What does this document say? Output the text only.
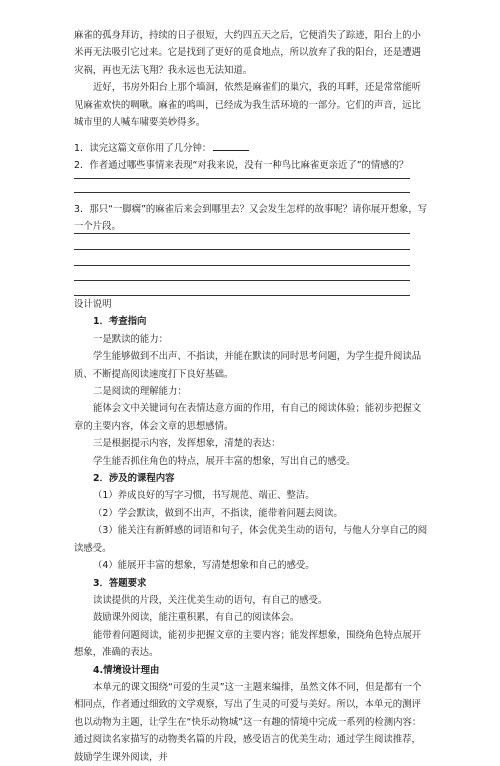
麻雀的孤身拜访，持续的日子很短，大约四五天之后，它便消失了踪迹，阳台上的小米再无法吸引它过来。它是找到了更好的觅食地点，所以放弃了我的阳台，还是遭遇灾祸，再也无法飞翔？我永远也无法知道。

近好，书房外阳台上那个墙洞，依然是麻雀们的巢穴，我的耳畔，还是常常能听见麻雀欢快的啁啾。麻雀的鸣叫，已经成为我生活环境的一部分。它们的声音，远比城市里的人喊车啸要美妙得多。

1．读完这篇文章你用了几分钟：

2．作者通过哪些事情来表现“对我来说，没有一种鸟比麻雀更亲近了”的情感的？

3．那只“一脚瘸”的麻雀后来会到哪里去？又会发生怎样的故事呢？请你展开想象，写一个片段。

设计说明

1．考查指向

一是默读的能力：

学生能够做到不出声、不指读，并能在默读的同时思考问题，为学生提升阅读品质、不断提高阅读速度打下良好基础。

二是阅读的理解能力：

能体会文中关键词句在表情达意方面的作用，有自己的阅读体验；能初步把握文章的主要内容，体会文章的思想感情。

三是根据提示内容，发挥想象，清楚的表达：

学生能否抓住角色的特点，展开丰富的想象，写出自己的感受。

2．涉及的课程内容

（1）养成良好的写字习惯，书写规范、端正、整洁。

（2）学会默读，做到不出声，不指读，能带着问题去阅读。

（3）能关注有新鲜感的词语和句子，体会优美生动的语句，与他人分享自己的阅读感受。

（4）能展开丰富的想象，写清楚想象和自己的感受。

3．答题要求

读读提供的片段，关注优美生动的语句，有自己的感受。

鼓励课外阅读，能注重积累，有自己的阅读体会。

能带着问题阅读，能初步把握文章的主要内容；能发挥想象，围绕角色特点展开想象，准确的表达。

4.情境设计理由

本单元的课文围绕“可爱的生灵”这一主题来编排，虽然文体不同，但是都有一个相同点，作者通过细致的文学观察，写出了生灵的可爱与美好。所以，本单元的测评也以动物为主题，让学生在“快乐动物城”这一有趣的情境中完成一系列的检测内容：通过阅读名家描写的动物类名篇的片段，感受语言的优美生动；通过学生阅读推荐，鼓励学生课外阅读，并
